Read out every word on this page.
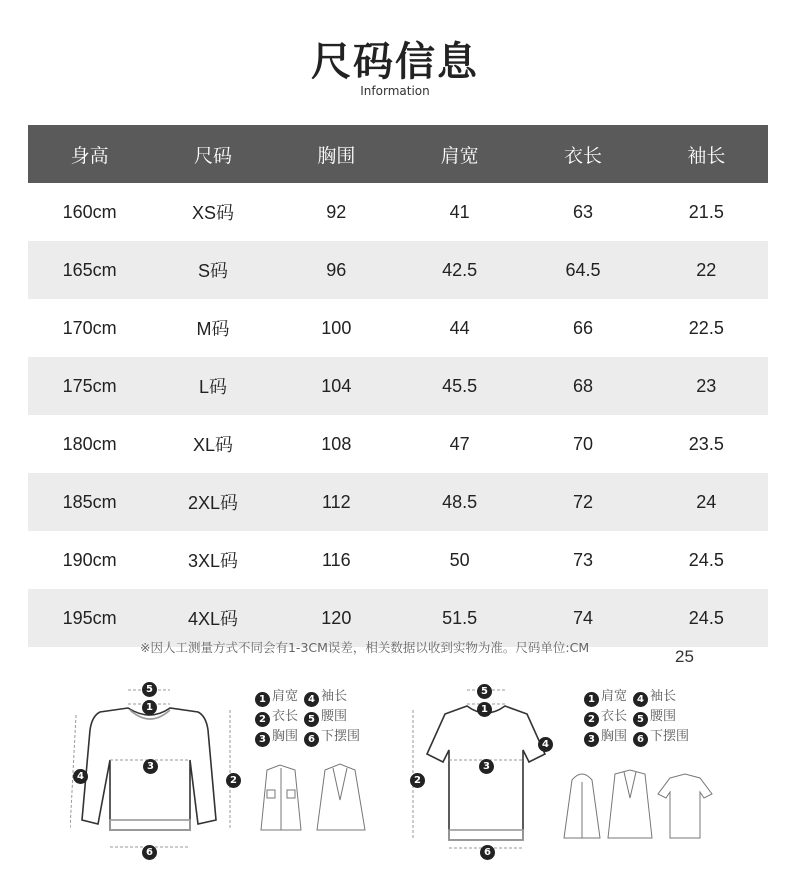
尺码信息
Information
身高	尺码	胸围	肩宽	衣长	袖长
160cm	XS码	92	41	63	21.5
165cm	S码	96	42.5	64.5	22
170cm	M码	100	44	66	22.5
175cm	L码	104	45.5	68	23
180cm	XL码	108	47	70	23.5
185cm	2XL码	112	48.5	72	24
190cm	3XL码	116	50	73	24.5
195cm	4XL码	120	51.5	74	24.5
※因人工测量方式不同会有1-3CM误差，相关数据以收到实物为准。尺码单位:CM	25
5
1
3
4	2
6
1 肩宽 4 袖长
2 衣长 5 腰围
3 胸围 6 下摆围
5
1
4
3
2
6
1 肩宽 4 袖长
2 衣长 5 腰围
3 胸围 6 下摆围
